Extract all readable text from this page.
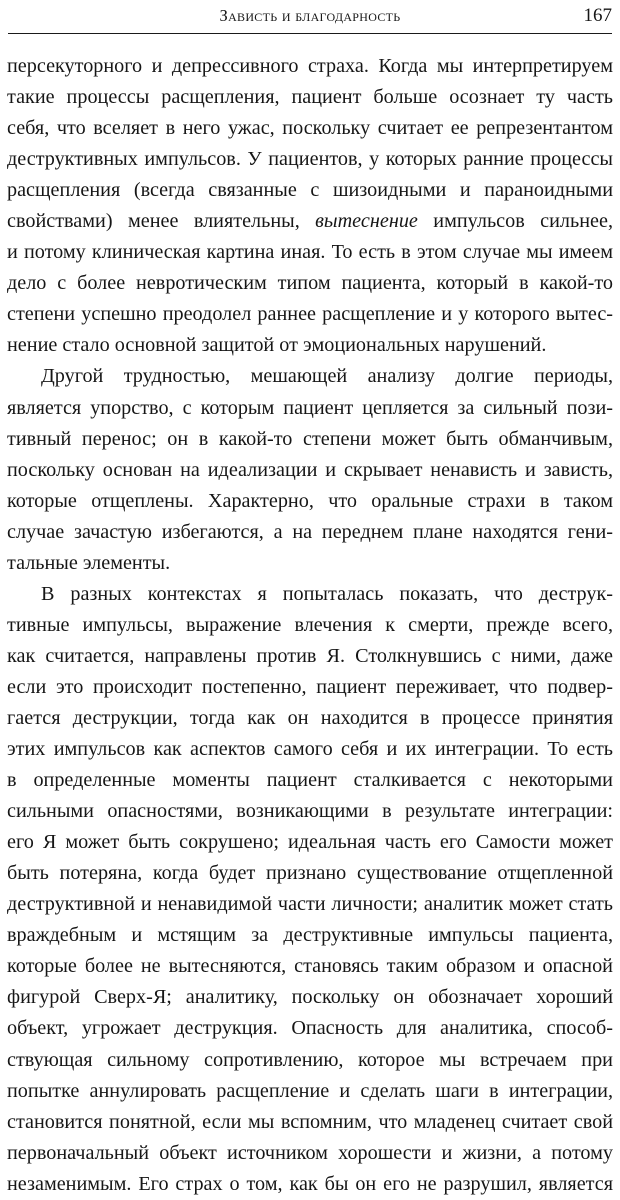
Зависть и благодарность	167
персекуторного и депрессивного страха. Когда мы интерпретируем
такие процессы расщепления, пациент больше осознает ту часть
себя, что вселяет в него ужас, поскольку считает ее репрезентантом
деструктивных импульсов. У пациентов, у которых ранние процессы
расщепления (всегда связанные с шизоидными и параноидными
свойствами) менее влиятельны, вытеснение импульсов сильнее,
и потому клиническая картина иная. То есть в этом случае мы имеем
дело с более невротическим типом пациента, который в какой-то
степени успешно преодолел раннее расщепление и у которого вытес-
нение стало основной защитой от эмоциональных нарушений.
Другой трудностью, мешающей анализу долгие периоды,
является упорство, с которым пациент цепляется за сильный пози-
тивный перенос; он в какой-то степени может быть обманчивым,
поскольку основан на идеализации и скрывает ненависть и зависть,
которые отщеплены. Характерно, что оральные страхи в таком
случае зачастую избегаются, а на переднем плане находятся гени-
тальные элементы.
В разных контекстах я попыталась показать, что деструк-
тивные импульсы, выражение влечения к смерти, прежде всего,
как считается, направлены против Я. Столкнувшись с ними, даже
если это происходит постепенно, пациент переживает, что подвер-
гается деструкции, тогда как он находится в процессе принятия
этих импульсов как аспектов самого себя и их интеграции. То есть
в определенные моменты пациент сталкивается с некоторыми
сильными опасностями, возникающими в результате интеграции:
его Я может быть сокрушено; идеальная часть его Самости может
быть потеряна, когда будет признано существование отщепленной
деструктивной и ненавидимой части личности; аналитик может стать
враждебным и мстящим за деструктивные импульсы пациента,
которые более не вытесняются, становясь таким образом и опасной
фигурой Сверх-Я; аналитику, поскольку он обозначает хороший
объект, угрожает деструкция. Опасность для аналитика, способ-
ствующая сильному сопротивлению, которое мы встречаем при
попытке аннулировать расщепление и сделать шаги в интеграции,
становится понятной, если мы вспомним, что младенец считает свой
первоначальный объект источником хорошести и жизни, а потому
незаменимым. Его страх о том, как бы он его не разрушил, является
